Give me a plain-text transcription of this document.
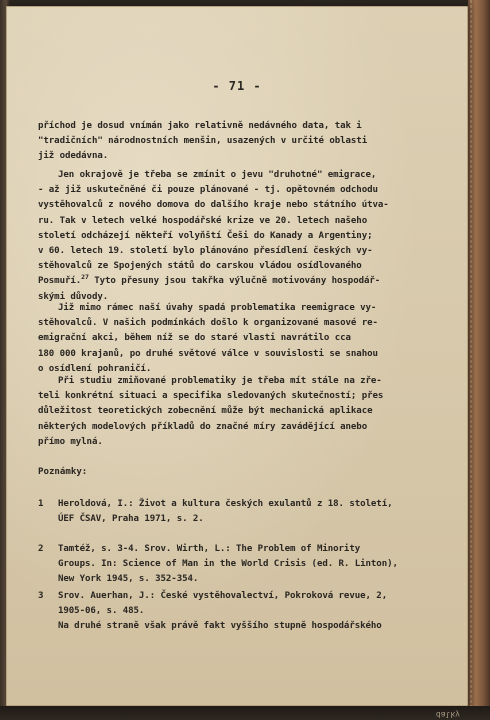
- 71 -
příchod je dosud vnímán jako relativně nedávného data, tak i
"tradičních" národnostních menšin, usazených v určité oblasti
již odedávna.
Jen okrajově je třeba se zmínit o jevu "druhotné" emigrace,
- až již uskutečněné či pouze plánované - tj. opětovném odchodu
vystěhovalců z nového domova do dalšího kraje nebo státního útva-
ru. Tak v letech velké hospodářské krize ve 20. letech našeho
století odcházejí někteří volyňští Češi do Kanady a Argentiny;
v 60. letech 19. století bylo plánováno přesídlení českých vy-
stěhovalců ze Spojených států do carskou vládou osídlovaného
Posmuří.$^{27}$ Tyto přesuny jsou takřka výlučně motivovány hospodář-
skými důvody.
Již mimo rámec naší úvahy spadá problematika reemigrace vy-
stěhovalců. V našich podmínkách došlo k organizované masové re-
emigrační akci, během níž se do staré vlasti navrátilo cca
180 000 krajanů, po druhé světové válce v souvislosti se snahou
o osídlení pohraničí.
Při studiu zmiňované problematiky je třeba mít stále na zře-
teli konkrétní situaci a specifika sledovaných skutečností; přes
důležitost teoretických zobecnění může být mechanická aplikace
některých modelových příkladů do značné míry zavádějící anebo
přímo mylná.
Poznámky:
1 Heroldová, I.: Život a kultura českých exulantů z 18. století,
ÚEF ČSAV, Praha 1971, s. 2.
2 Tamtéž, s. 3-4. Srov. Wirth, L.: The Problem of Minority
Groups. In: Science of Man in the World Crisis (ed. R. Linton),
New York 1945, s. 352-354.
3 Srov. Auerhan, J.: České vystěhovalectví, Pokroková revue, 2,
1905-06, s. 485.
Na druhé straně však právě fakt vyššího stupně hospodářského
dalky
